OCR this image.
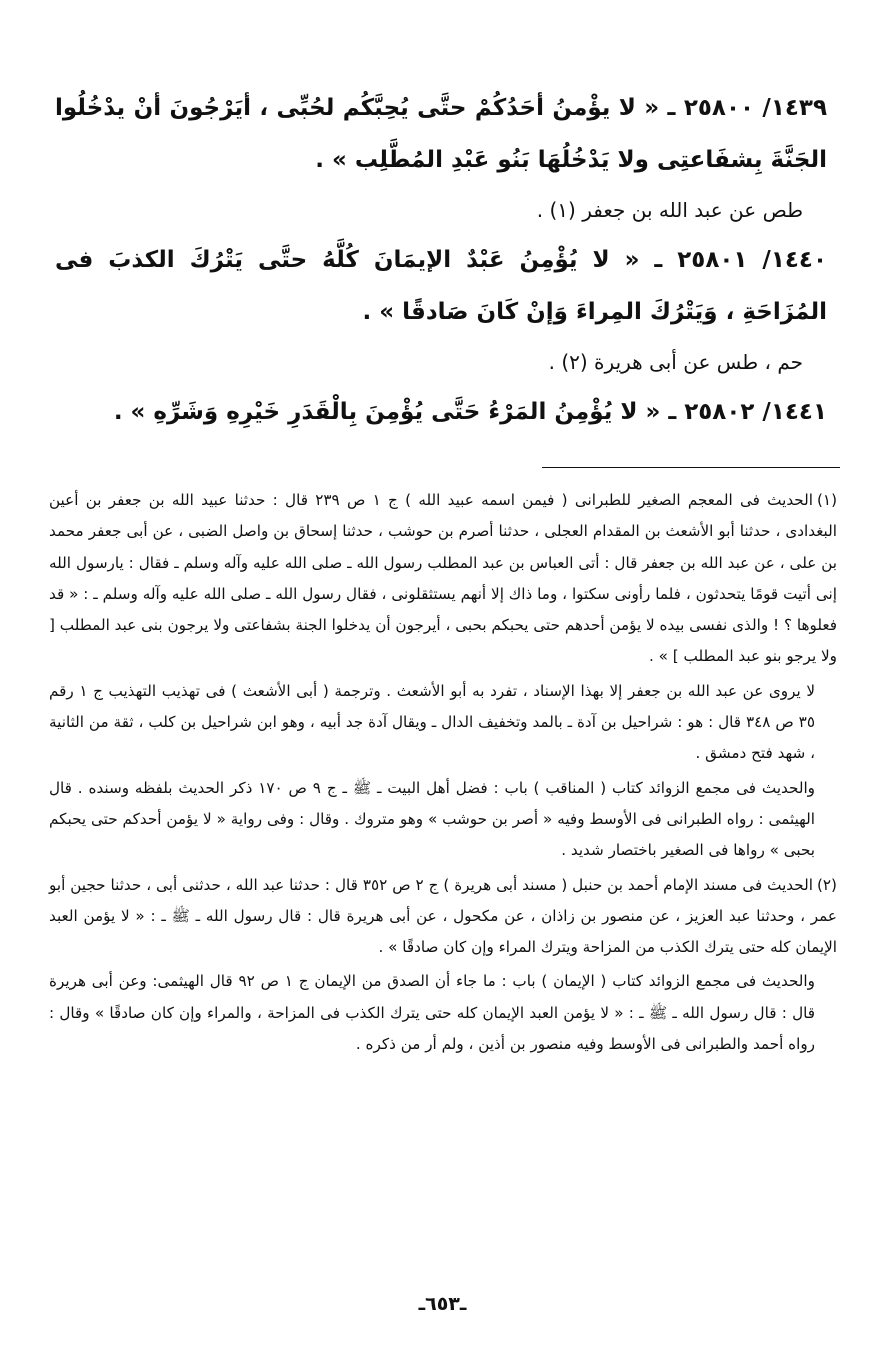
١٤٣٩/ ٢٥٨٠٠ ـ « لا يؤْمنُ أحَدُكُمْ حتَّى يُحِبَّكُم لحُبِّى ، أيَرْجُونَ أنْ يدْخُلُوا الجَنَّةَ بِشفَاعتِى ولا يَدْخُلُهَا بَنُو عَبْدِ المُطَّلِب » .

طص عن عبد الله بن جعفر (١) .

١٤٤٠/ ٢٥٨٠١ ـ « لا يُؤْمِنُ عَبْدٌ الإيمَانَ كُلَّهُ حتَّى يَتْرُكَ الكذبَ فى المُزَاحَةِ ، وَيَتْرُكَ المِراءَ وَإنْ كَانَ صَادقًا » .

حم ، طس عن أبى هريرة (٢) .

١٤٤١/ ٢٥٨٠٢ ـ « لا يُؤْمِنُ المَرْءُ حَتَّى يُؤْمِنَ بِالْقَدَرِ خَيْرِهِ وَشَرِّهِ » .

(١)الحديث فى المعجم الصغير للطبرانى ( فيمن اسمه عبيد الله ) ج ١ ص ٢٣٩ قال : حدثنا عبيد الله بن جعفر بن أعين البغدادى ، حدثنا أبو الأشعث بن المقدام العجلى ، حدثنا أصرم بن حوشب ، حدثنا إسحاق بن واصل الضبى ، عن أبى جعفر محمد بن على ، عن عبد الله بن جعفر قال : أتى العباس بن عبد المطلب رسول الله ـ صلى الله عليه وآله وسلم ـ فقال : يارسول الله إنى أتيت قومًا يتحدثون ، فلما رأونى سكتوا ، وما ذاك إلا أنهم يستثقلونى ، فقال رسول الله ـ صلى الله عليه وآله وسلم ـ : « قد فعلوها ؟ ! والذى نفسى بيده لا يؤمن أحدهم حتى يحبكم بحبى ، أيرجون أن يدخلوا الجنة بشفاعتى ولا يرجون بنى عبد المطلب [ ولا يرجو بنو عبد المطلب ] » .

لا يروى عن عبد الله بن جعفر إلا بهذا الإسناد ، تفرد به أبو الأشعث . وترجمة ( أبى الأشعث ) فى تهذيب التهذيب ج ١ رقم ٣٥ ص ٣٤٨ قال : هو : شراحيل بن آدة ـ بالمد وتخفيف الدال ـ ويقال آدة جد أبيه ، وهو ابن شراحيل بن كلب ، ثقة من الثانية ، شهد فتح دمشق .

والحديث فى مجمع الزوائد كتاب ( المناقب ) باب : فضل أهل البيت ـ ﷺ ـ ج ٩ ص ١٧٠ ذكر الحديث بلفظه وسنده . قال الهيثمى : رواه الطبرانى فى الأوسط وفيه « أصر بن حوشب » وهو متروك . وقال : وفى رواية « لا يؤمن أحدكم حتى يحبكم بحبى » رواها فى الصغير باختصار شديد .

(٢)الحديث فى مسند الإمام أحمد بن حنبل ( مسند أبى هريرة ) ج ٢ ص ٣٥٢ قال : حدثنا عبد الله ، حدثنى أبى ، حدثنا حجين أبو عمر ، وحدثنا عبد العزيز ، عن منصور بن زاذان ، عن مكحول ، عن أبى هريرة قال : قال رسول الله ـ ﷺ ـ : « لا يؤمن العبد الإيمان كله حتى يترك الكذب من المزاحة ويترك المراء وإن كان صادقًا » .

والحديث فى مجمع الزوائد كتاب ( الإيمان ) باب : ما جاء أن الصدق من الإيمان ج ١ ص ٩٢ قال الهيثمى: وعن أبى هريرة قال : قال رسول الله ـ ﷺ ـ : « لا يؤمن العبد الإيمان كله حتى يترك الكذب فى المزاحة ، والمراء وإن كان صادقًا » وقال : رواه أحمد والطبرانى فى الأوسط وفيه منصور بن أذين ، ولم أر من ذكره .

ـ٦٥٣ـ
